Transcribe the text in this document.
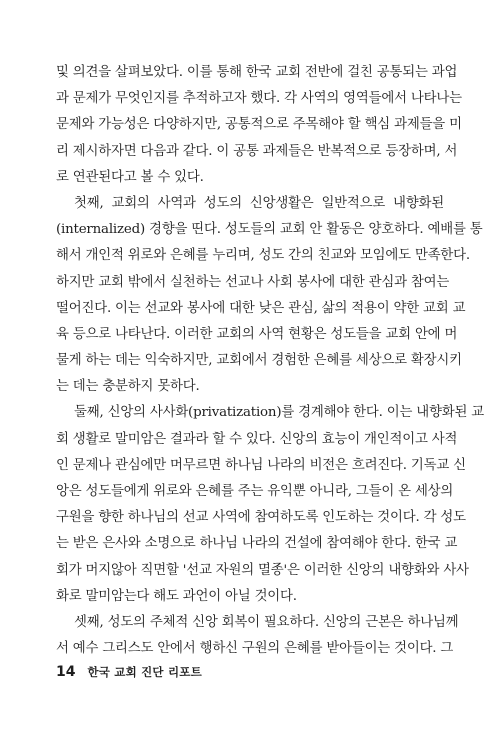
및 의견을 살펴보았다. 이를 통해 한국 교회 전반에 걸친 공통되는 과업
과 문제가 무엇인지를 추적하고자 했다. 각 사역의 영역들에서 나타나는
문제와 가능성은 다양하지만, 공통적으로 주목해야 할 핵심 과제들을 미
리 제시하자면 다음과 같다. 이 공통 과제들은 반복적으로 등장하며, 서
로 연관된다고 볼 수 있다.
첫째, 교회의 사역과 성도의 신앙생활은 일반적으로 내향화된
(internalized) 경향을 띤다. 성도들의 교회 안 활동은 양호하다. 예배를 통
해서 개인적 위로와 은혜를 누리며, 성도 간의 친교와 모임에도 만족한다.
하지만 교회 밖에서 실천하는 선교나 사회 봉사에 대한 관심과 참여는
떨어진다. 이는 선교와 봉사에 대한 낮은 관심, 삶의 적용이 약한 교회 교
육 등으로 나타난다. 이러한 교회의 사역 현황은 성도들을 교회 안에 머
물게 하는 데는 익숙하지만, 교회에서 경험한 은혜를 세상으로 확장시키
는 데는 충분하지 못하다.
둘째, 신앙의 사사화(privatization)를 경계해야 한다. 이는 내향화된 교
회 생활로 말미암은 결과라 할 수 있다. 신앙의 효능이 개인적이고 사적
인 문제나 관심에만 머무르면 하나님 나라의 비전은 흐려진다. 기독교 신
앙은 성도들에게 위로와 은혜를 주는 유익뿐 아니라, 그들이 온 세상의
구원을 향한 하나님의 선교 사역에 참여하도록 인도하는 것이다. 각 성도
는 받은 은사와 소명으로 하나님 나라의 건설에 참여해야 한다. 한국 교
회가 머지않아 직면할 '선교 자원의 멸종'은 이러한 신앙의 내향화와 사사
화로 말미암는다 해도 과언이 아닐 것이다.
셋째, 성도의 주체적 신앙 회복이 필요하다. 신앙의 근본은 하나님께
서 예수 그리스도 안에서 행하신 구원의 은혜를 받아들이는 것이다. 그
14 한국 교회 진단 리포트
